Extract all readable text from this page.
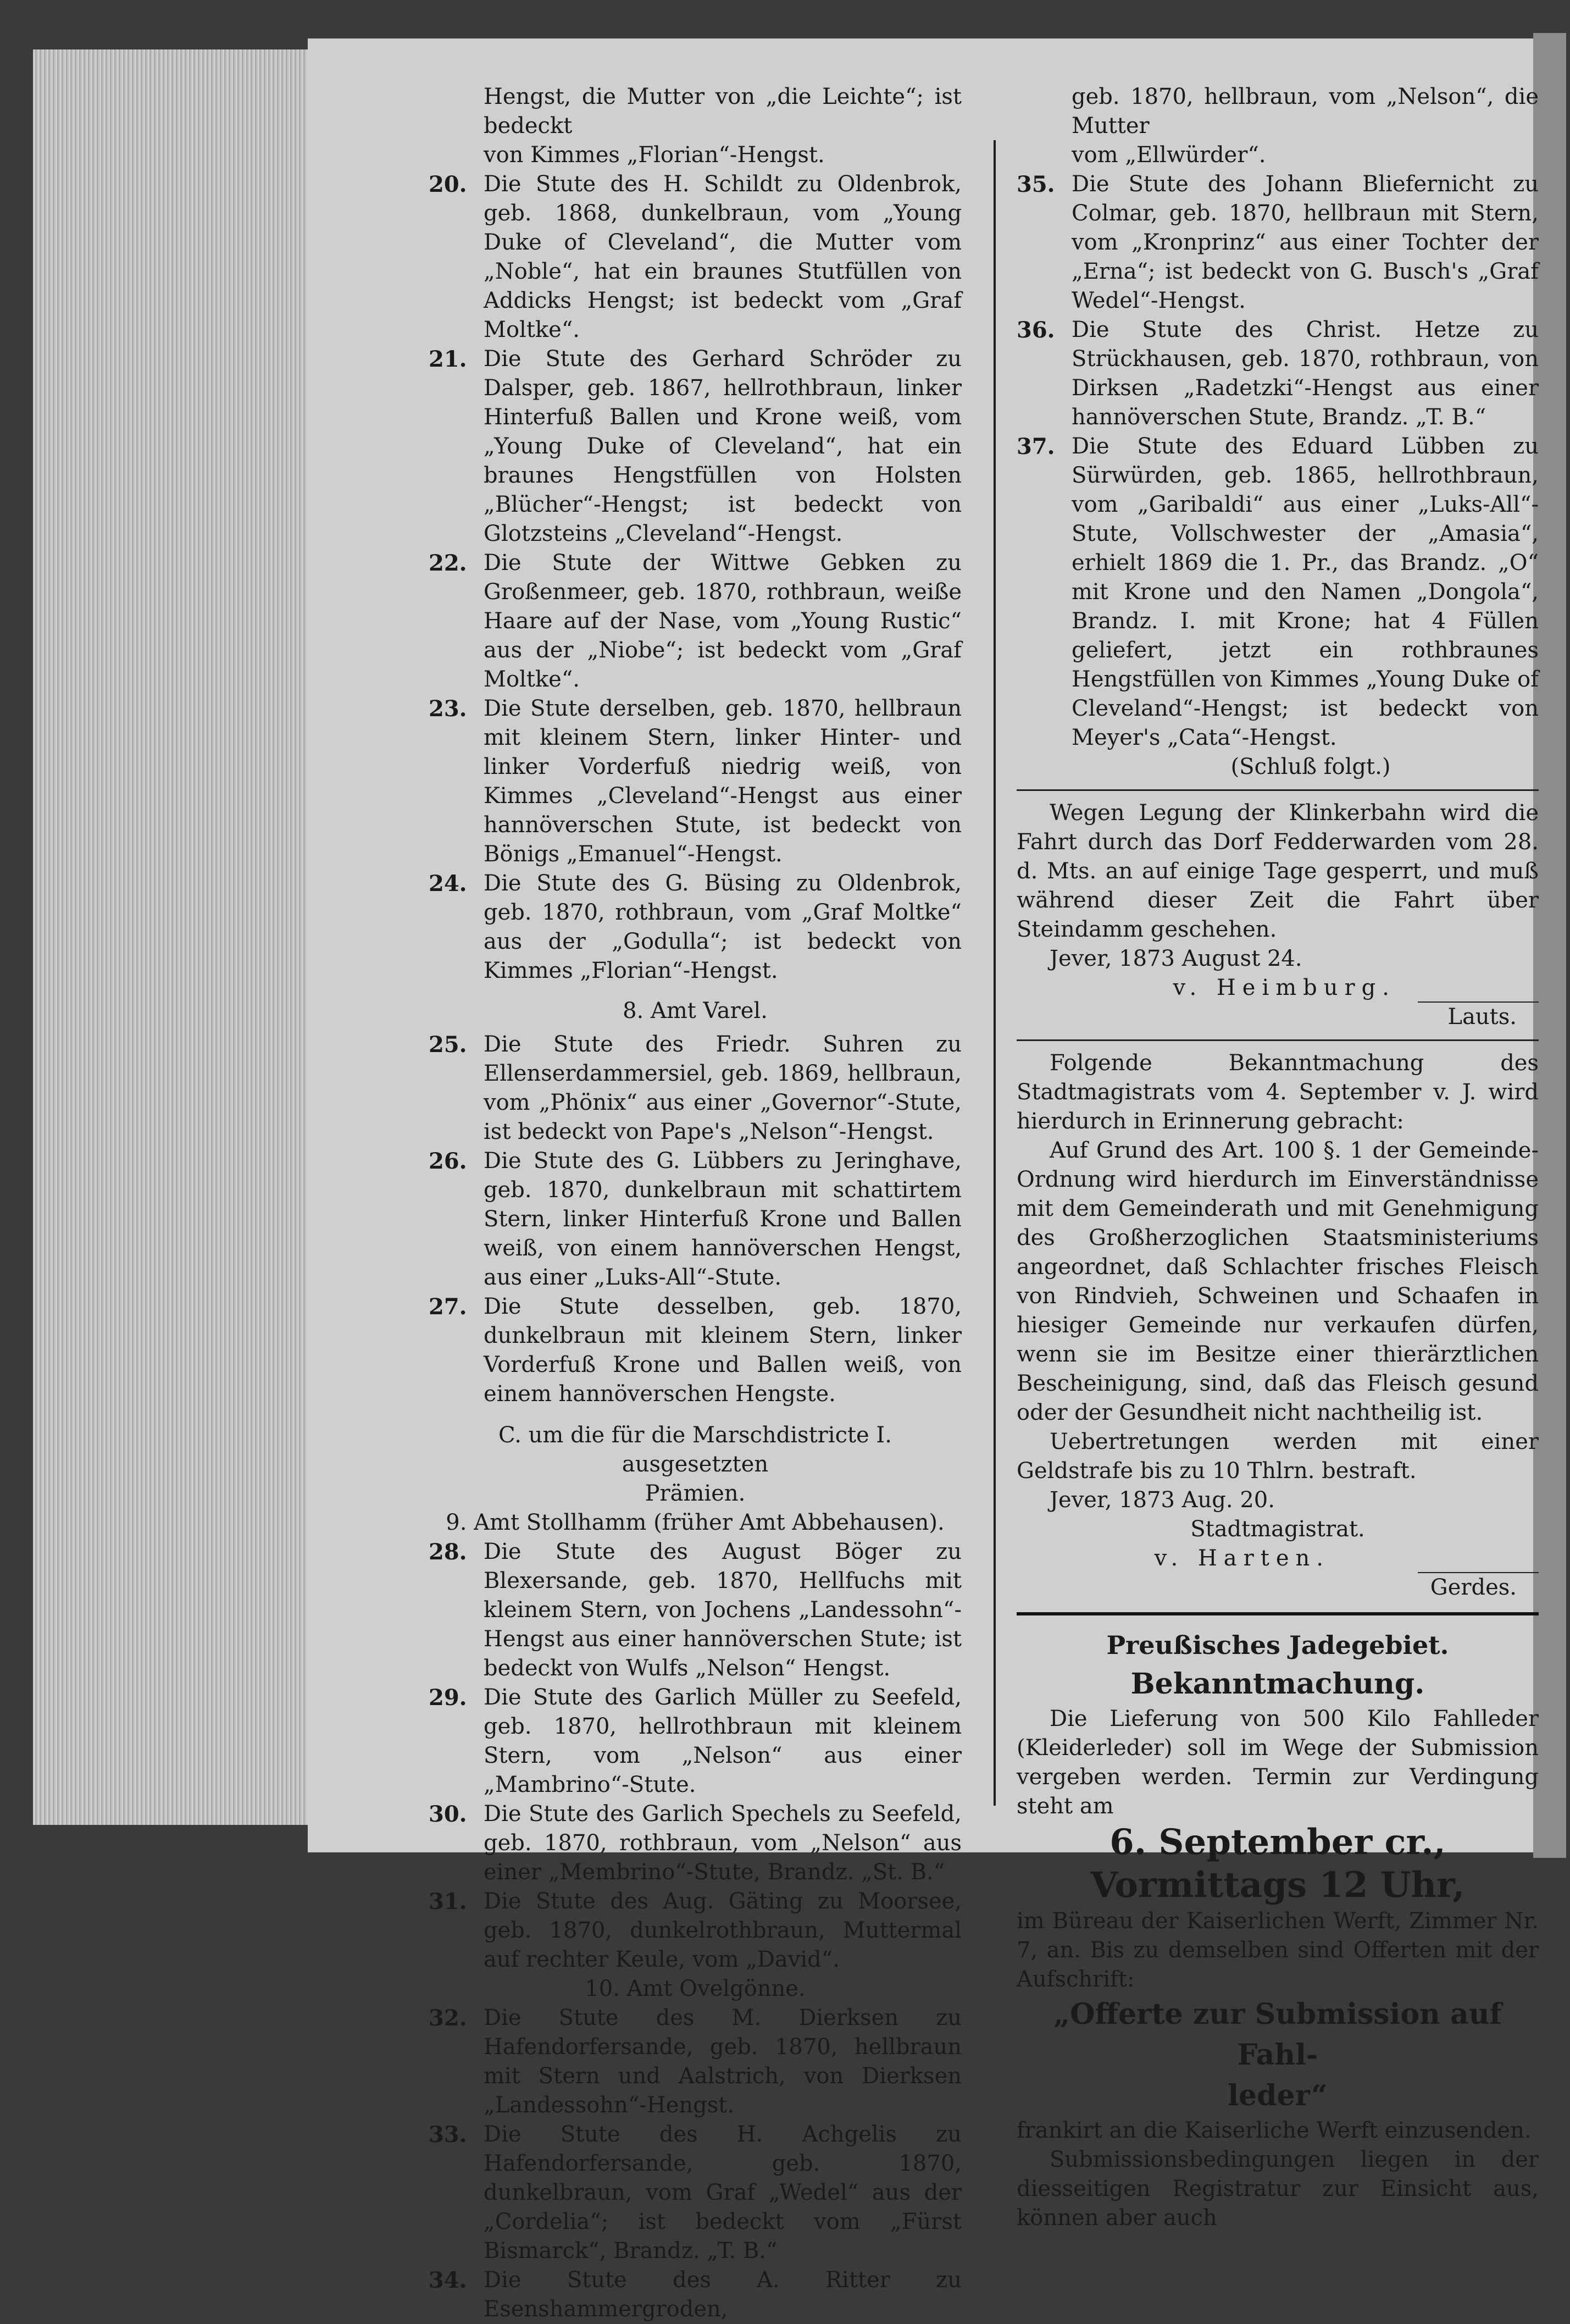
Hengst, die Mutter von „die Leichte“; ist bedeckt

von Kimmes „Florian“-Hengst.

20. Die Stute des H. Schildt zu Oldenbrok, geb. 1868, dunkelbraun, vom „Young Duke of Cleveland“, die Mutter vom „Noble“, hat ein braunes Stutfüllen von Addicks Hengst; ist bedeckt vom „Graf Moltke“.
21. Die Stute des Gerhard Schröder zu Dalsper, geb. 1867, hellrothbraun, linker Hinterfuß Ballen und Krone weiß, vom „Young Duke of Cleveland“, hat ein braunes Hengstfüllen von Holsten „Blücher“-Hengst; ist bedeckt von Glotzsteins „Cleveland“-Hengst.
22. Die Stute der Wittwe Gebken zu Großenmeer, geb. 1870, rothbraun, weiße Haare auf der Nase, vom „Young Rustic“ aus der „Niobe“; ist bedeckt vom „Graf Moltke“.
23. Die Stute derselben, geb. 1870, hellbraun mit kleinem Stern, linker Hinter- und linker Vorderfuß niedrig weiß, von Kimmes „Cleveland“-Hengst aus einer hannöverschen Stute, ist bedeckt von Bönigs „Emanuel“-Hengst.
24. Die Stute des G. Büsing zu Oldenbrok, geb. 1870, rothbraun, vom „Graf Moltke“ aus der „Godulla“; ist bedeckt von Kimmes „Florian“-Hengst.

8. Amt Varel.

25. Die Stute des Friedr. Suhren zu Ellenserdammersiel, geb. 1869, hellbraun, vom „Phönix“ aus einer „Governor“-Stute, ist bedeckt von Pape's „Nelson“-Hengst.
26. Die Stute des G. Lübbers zu Jeringhave, geb. 1870, dunkelbraun mit schattirtem Stern, linker Hinterfuß Krone und Ballen weiß, von einem hannöverschen Hengst, aus einer „Luks-All“-Stute.
27. Die Stute desselben, geb. 1870, dunkelbraun mit kleinem Stern, linker Vorderfuß Krone und Ballen weiß, von einem hannöverschen Hengste.

C. um die für die Marschdistricte I. ausgesetzten

Prämien.

9. Amt Stollhamm (früher Amt Abbehausen).

28. Die Stute des August Böger zu Blexersande, geb. 1870, Hellfuchs mit kleinem Stern, von Jochens „Landessohn“-Hengst aus einer hannöverschen Stute; ist bedeckt von Wulfs „Nelson“ Hengst.
29. Die Stute des Garlich Müller zu Seefeld, geb. 1870, hellrothbraun mit kleinem Stern, vom „Nelson“ aus einer „Mambrino“-Stute.
30. Die Stute des Garlich Spechels zu Seefeld, geb. 1870, rothbraun, vom „Nelson“ aus einer „Membrino“-Stute, Brandz. „St. B.“
31. Die Stute des Aug. Gäting zu Moorsee, geb. 1870, dunkelrothbraun, Muttermal auf rechter Keule, vom „David“.

10. Amt Ovelgönne.

32. Die Stute des M. Dierksen zu Hafendorfersande, geb. 1870, hellbraun mit Stern und Aalstrich, von Dierksen „Landessohn“-Hengst.
33. Die Stute des H. Achgelis zu Hafendorfersande, geb. 1870, dunkelbraun, vom Graf „Wedel“ aus der „Cordelia“; ist bedeckt vom „Fürst Bismarck“, Brandz. „T. B.“
34. Die Stute des A. Ritter zu Esenshammergroden,

geb. 1870, hellbraun, vom „Nelson“, die Mutter

vom „Ellwürder“.

35. Die Stute des Johann Bliefernicht zu Colmar, geb. 1870, hellbraun mit Stern, vom „Kronprinz“ aus einer Tochter der „Erna“; ist bedeckt von G. Busch's „Graf Wedel“-Hengst.
36. Die Stute des Christ. Hetze zu Strückhausen, geb. 1870, rothbraun, von Dirksen „Radetzki“-Hengst aus einer hannöverschen Stute, Brandz. „T. B.“
37. Die Stute des Eduard Lübben zu Sürwürden, geb. 1865, hellrothbraun, vom „Garibaldi“ aus einer „Luks-All“-Stute, Vollschwester der „Amasia“, erhielt 1869 die 1. Pr., das Brandz. „O“ mit Krone und den Namen „Dongola“, Brandz. I. mit Krone; hat 4 Füllen geliefert, jetzt ein rothbraunes Hengstfüllen von Kimmes „Young Duke of Cleveland“-Hengst; ist bedeckt von Meyer's „Cata“-Hengst.

(Schluß folgt.)

Wegen Legung der Klinkerbahn wird die Fahrt durch das Dorf Fedderwarden vom 28. d. Mts. an auf einige Tage gesperrt, und muß während dieser Zeit die Fahrt über Steindamm geschehen.

Jever, 1873 August 24.

v. Heimburg.

Lauts.

Folgende Bekanntmachung des Stadtmagistrats vom 4. September v. J. wird hierdurch in Erinnerung gebracht:

Auf Grund des Art. 100 §. 1 der Gemeinde-Ordnung wird hierdurch im Einverständnisse mit dem Gemeinderath und mit Genehmigung des Großherzoglichen Staatsministeriums angeordnet, daß Schlachter frisches Fleisch von Rindvieh, Schweinen und Schaafen in hiesiger Gemeinde nur verkaufen dürfen, wenn sie im Besitze einer thierärztlichen Bescheinigung, sind, daß das Fleisch gesund oder der Gesundheit nicht nachtheilig ist.

Uebertretungen werden mit einer Geldstrafe bis zu 10 Thlrn. bestraft.

Jever, 1873 Aug. 20.

Stadtmagistrat.

v. Harten.

Gerdes.

Preußisches Jadegebiet.

Bekanntmachung.

Die Lieferung von 500 Kilo Fahlleder (Kleiderleder) soll im Wege der Submission vergeben werden. Termin zur Verdingung steht am

6. September cr.,

Vormittags 12 Uhr,

im Büreau der Kaiserlichen Werft, Zimmer Nr. 7, an. Bis zu demselben sind Offerten mit der Aufschrift:

„Offerte zur Submission auf Fahl-

leder“

frankirt an die Kaiserliche Werft einzusenden.

Submissionsbedingungen liegen in der diesseitigen Registratur zur Einsicht aus, können aber auch
